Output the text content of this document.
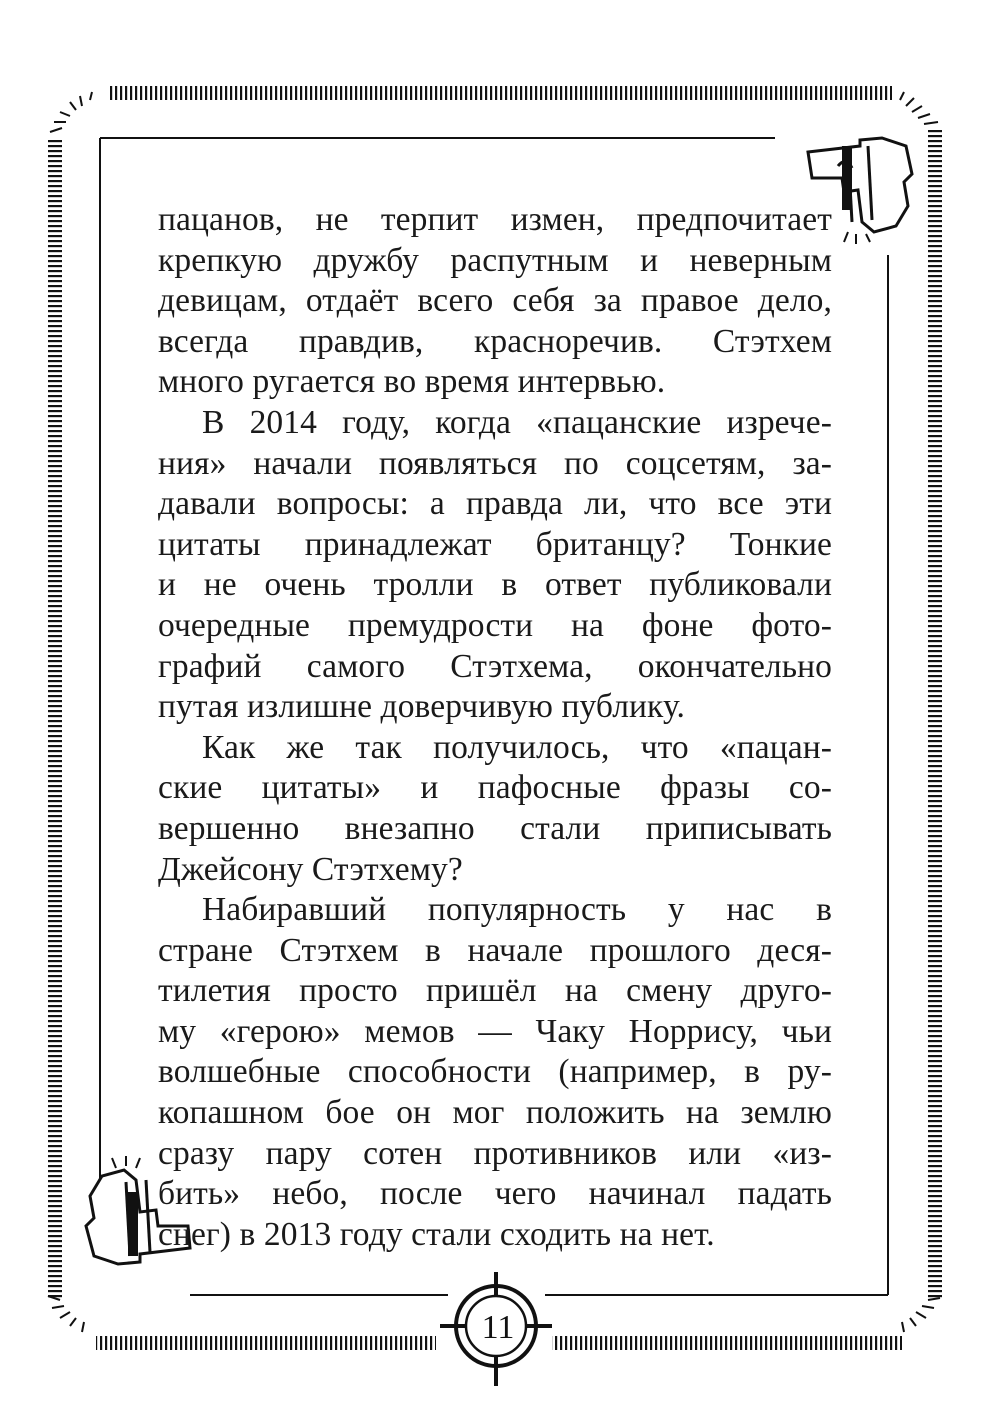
пацанов, не терпит измен, предпочитает крепкую дружбу распутным и неверным девицам, отдаёт всего себя за правое дело, всегда правдив, красноречив. Стэтхем

много ругается во время интервью.

В 2014 году, когда «пацанские изрече-

ния» начали появляться по соцсетям, за-

давали вопросы: а правда ли, что все эти

цитаты принадлежат британцу? Тонкие

и не очень тролли в ответ публиковали

очередные премудрости на фоне фото-

графий самого Стэтхема, окончательно

путая излишне доверчивую публику.

Как же так получилось, что «пацан-

ские цитаты» и пафосные фразы со-

вершенно внезапно стали приписывать

Джейсону Стэтхему?

Набиравший популярность у нас в

стране Стэтхем в начале прошлого деся-

тилетия просто пришёл на смену друго-

му «герою» мемов — Чаку Норрису, чьи

волшебные способности (например, в ру-

копашном бое он мог положить на землю

сразу пару сотен противников или «из-

бить» небо, после чего начинал падать

снег) в 2013 году стали сходить на нет.

11
